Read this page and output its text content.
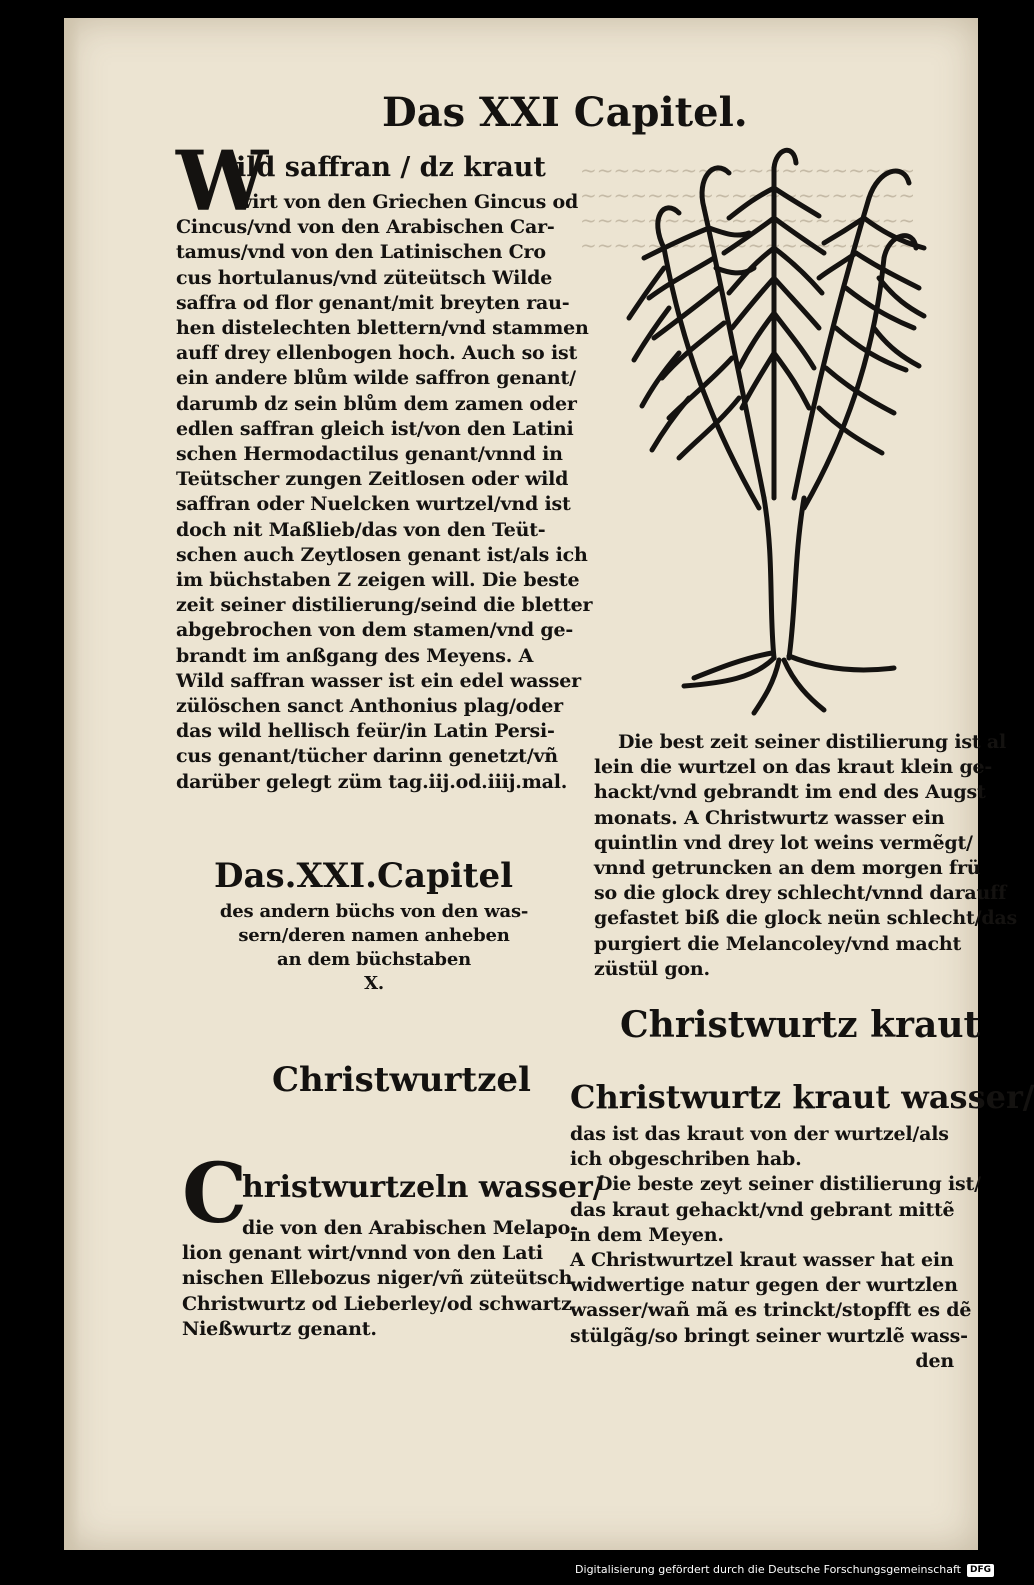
~~~~~~~~~~~~~~~~~~~~
~~~~~~~~~~~~~~~~~~~~
~~~~~~~~~~~~~~~~~~~~
~~~~~~~~~~~~~~~~~~~~
Das XXI Capitel.
W
ild saffran / dz kraut
wirt von den Griechen Gincus od
Cincus/vnd von den Arabischen Car-
tamus/vnd von den Latinischen Cro
cus hortulanus/vnd züteütsch Wilde
saffra od flor genant/mit breyten rau-
hen distelechten blettern/vnd stammen
auff drey ellenbogen hoch. Auch so ist
ein andere blům wilde saffron genant/
darumb dz sein blům dem zamen oder
edlen saffran gleich ist/von den Latini
schen Hermodactilus genant/vnnd in
Teütscher zungen Zeitlosen oder wild
saffran oder Nuelcken wurtzel/vnd ist
doch nit Maßlieb/das von den Teüt-
schen auch Zeytlosen genant ist/als ich
im büchstaben Z zeigen will. Die beste
zeit seiner distilierung/seind die bletter
abgebrochen von dem stamen/vnd ge-
brandt im anßgang des Meyens. A
Wild saffran wasser ist ein edel wasser
zülöschen sanct Anthonius plag/oder
das wild hellisch feür/in Latin Persi-
cus genant/tücher darinn genetzt/vñ
darüber gelegt züm tag.iij.od.iiij.mal.
Das.XXI.Capitel
des andern büchs von den was-
sern/deren namen anheben
an dem büchstaben
X.
Christwurtzel
C
hristwurtzeln wasser/
die von den Arabischen Melapo-
lion genant wirt/vnnd von den Lati
nischen Ellebozus niger/vñ züteütsch
Christwurtz od Lieberley/od schwartz
Nießwurtz genant.
Die best zeit seiner distilierung ist al
lein die wurtzel on das kraut klein ge-
hackt/vnd gebrandt im end des Augst
monats. A Christwurtz wasser ein
quintlin vnd drey lot weins vermẽgt/
vnnd getruncken an dem morgen frü
so die glock drey schlecht/vnnd darauff
gefastet biß die glock neün schlecht/das
purgiert die Melancoley/vnd macht
züstül gon.
Christwurtz kraut
Christwurtz kraut wasser/
das ist das kraut von der wurtzel/als
ich obgeschriben hab.
Die beste zeyt seiner distilierung ist/
das kraut gehackt/vnd gebrant mittẽ
in dem Meyen.
A Christwurtzel kraut wasser hat ein
widwertige natur gegen der wurtzlen
wasser/wañ mã es trinckt/stopfft es dẽ
stülgãg/so bringt seiner wurtzlẽ wass-
den
Digitalisierung gefördert durch die Deutsche Forschungsgemeinschaft	DFG
